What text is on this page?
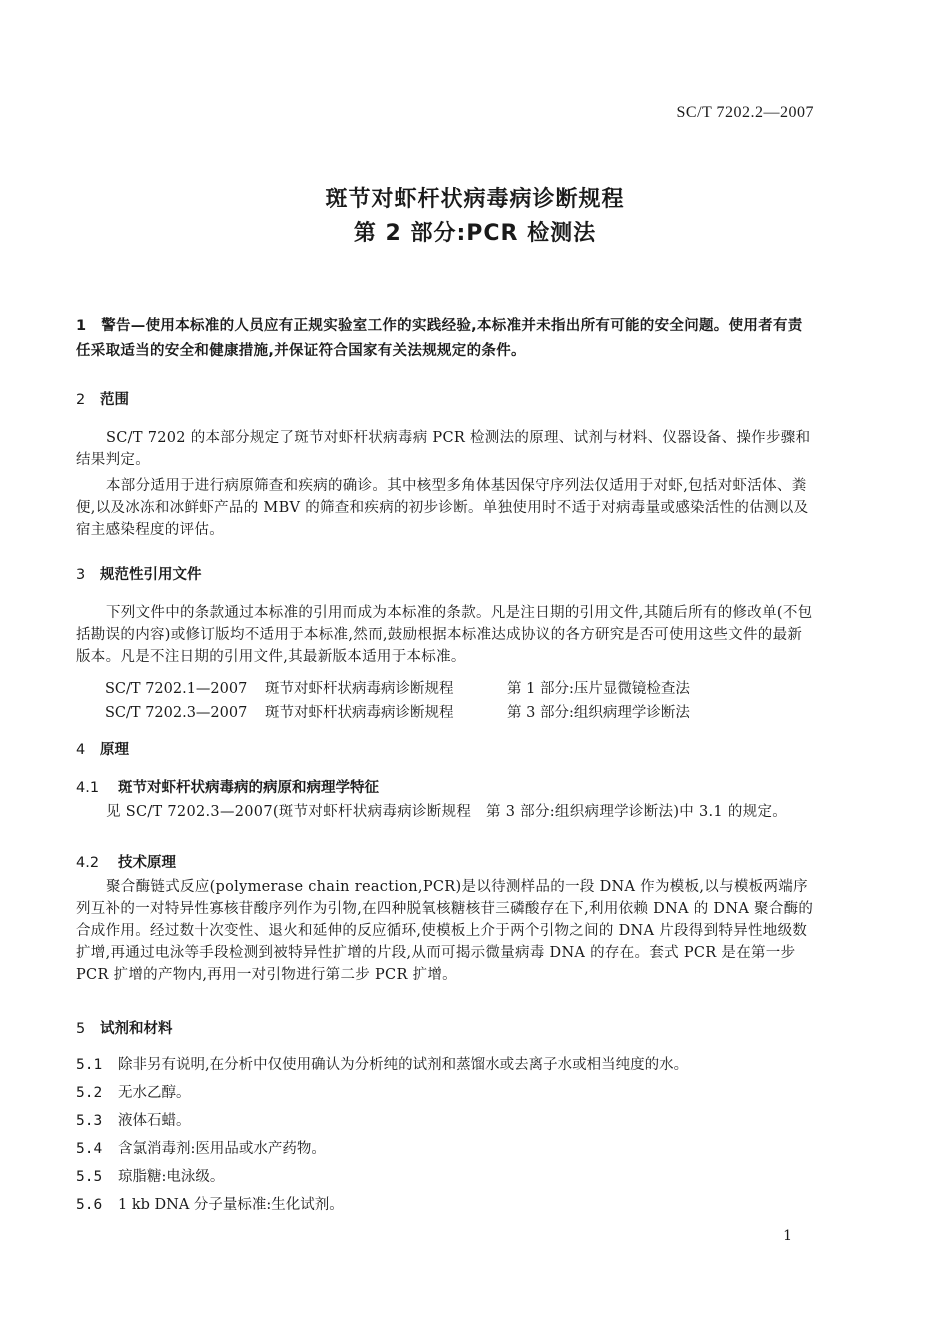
SC/T 7202.2—2007
斑节对虾杆状病毒病诊断规程
第 2 部分:PCR 检测法
1　警告—使用本标准的人员应有正规实验室工作的实践经验,本标准并未指出所有可能的安全问题。使用者有责任采取适当的安全和健康措施,并保证符合国家有关法规规定的条件。
2 范围
SC/T 7202 的本部分规定了斑节对虾杆状病毒病 PCR 检测法的原理、试剂与材料、仪器设备、操作步骤和结果判定。
本部分适用于进行病原筛查和疾病的确诊。其中核型多角体基因保守序列法仅适用于对虾,包括对虾活体、粪便,以及冰冻和冰鲜虾产品的 MBV 的筛查和疾病的初步诊断。单独使用时不适于对病毒量或感染活性的估测以及宿主感染程度的评估。
3 规范性引用文件
下列文件中的条款通过本标准的引用而成为本标准的条款。凡是注日期的引用文件,其随后所有的修改单(不包括勘误的内容)或修订版均不适用于本标准,然而,鼓励根据本标准达成协议的各方研究是否可使用这些文件的最新版本。凡是不注日期的引用文件,其最新版本适用于本标准。
SC/T 7202.1—2007 斑节对虾杆状病毒病诊断规程	第 1 部分:压片显微镜检查法
SC/T 7202.3—2007 斑节对虾杆状病毒病诊断规程	第 3 部分:组织病理学诊断法
4 原理
4.1 斑节对虾杆状病毒病的病原和病理学特征
见 SC/T 7202.3—2007(斑节对虾杆状病毒病诊断规程　第 3 部分:组织病理学诊断法)中 3.1 的规定。
4.2 技术原理
聚合酶链式反应(polymerase chain reaction,PCR)是以待测样品的一段 DNA 作为模板,以与模板两端序列互补的一对特异性寡核苷酸序列作为引物,在四种脱氧核糖核苷三磷酸存在下,利用依赖 DNA 的 DNA 聚合酶的合成作用。经过数十次变性、退火和延伸的反应循环,使模板上介于两个引物之间的 DNA 片段得到特异性地级数扩增,再通过电泳等手段检测到被特异性扩增的片段,从而可揭示微量病毒 DNA 的存在。套式 PCR 是在第一步 PCR 扩增的产物内,再用一对引物进行第二步 PCR 扩增。
5 试剂和材料
5.1 除非另有说明,在分析中仅使用确认为分析纯的试剂和蒸馏水或去离子水或相当纯度的水。
5.2 无水乙醇。
5.3 液体石蜡。
5.4 含氯消毒剂:医用品或水产药物。
5.5 琼脂糖:电泳级。
5.6 1 kb DNA 分子量标准:生化试剂。
1
